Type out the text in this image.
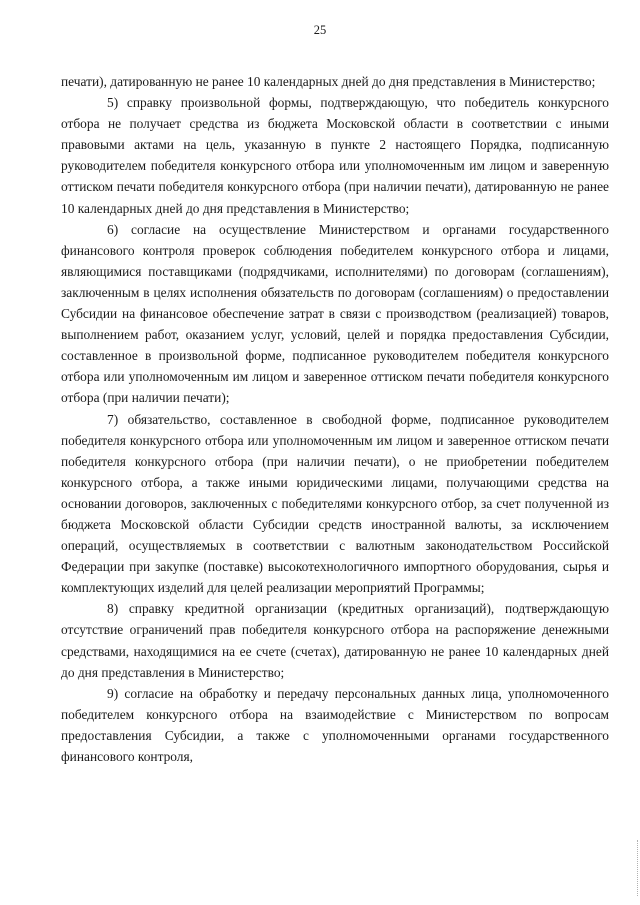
25

печати), датированную не ранее 10 календарных дней до дня представления в Министерство;

5) справку произвольной формы, подтверждающую, что победитель конкурсного отбора не получает средства из бюджета Московской области в соответствии с иными правовыми актами на цель, указанную в пункте 2 настоящего Порядка, подписанную руководителем победителя конкурсного отбора или уполномоченным им лицом и заверенную оттиском печати победителя конкурсного отбора (при наличии печати), датированную не ранее 10 календарных дней до дня представления в Министерство;

6) согласие на осуществление Министерством и органами государственного финансового контроля проверок соблюдения победителем конкурсного отбора и лицами, являющимися поставщиками (подрядчиками, исполнителями) по договорам (соглашениям), заключенным в целях исполнения обязательств по договорам (соглашениям) о предоставлении Субсидии на финансовое обеспечение затрат в связи с производством (реализацией) товаров, выполнением работ, оказанием услуг, условий, целей и порядка предоставления Субсидии, составленное в произвольной форме, подписанное руководителем победителя конкурсного отбора или уполномоченным им лицом и заверенное оттиском печати победителя конкурсного отбора (при наличии печати);

7) обязательство, составленное в свободной форме, подписанное руководителем победителя конкурсного отбора или уполномоченным им лицом и заверенное оттиском печати победителя конкурсного отбора (при наличии печати), о не приобретении победителем конкурсного отбора, а также иными юридическими лицами, получающими средства на основании договоров, заключенных с победителями конкурсного отбор, за счет полученной из бюджета Московской области Субсидии средств иностранной валюты, за исключением операций, осуществляемых в соответствии с валютным законодательством Российской Федерации при закупке (поставке) высокотехнологичного импортного оборудования, сырья и комплектующих изделий для целей реализации мероприятий Программы;

8) справку кредитной организации (кредитных организаций), подтверждающую отсутствие ограничений прав победителя конкурсного отбора на распоряжение денежными средствами, находящимися на ее счете (счетах), датированную не ранее 10 календарных дней до дня представления в Министерство;

9) согласие на обработку и передачу персональных данных лица, уполномоченного победителем конкурсного отбора на взаимодействие с Министерством по вопросам предоставления Субсидии, а также с уполномоченными органами государственного финансового контроля,
